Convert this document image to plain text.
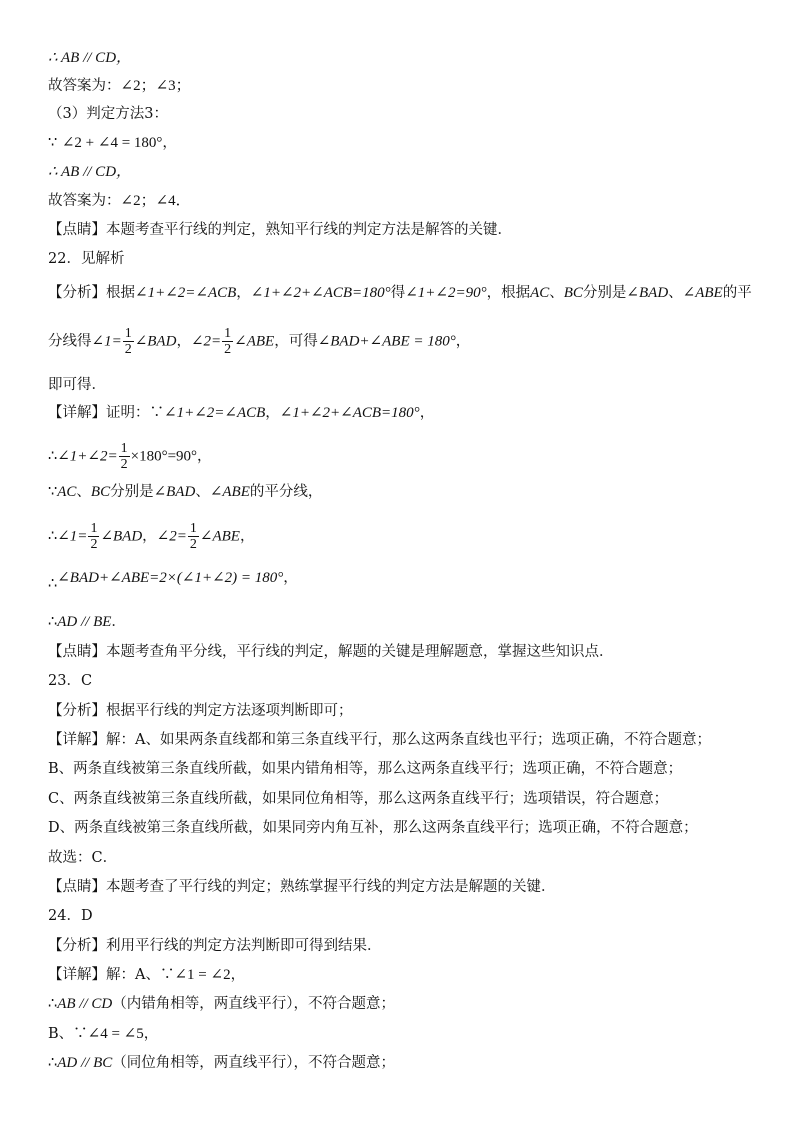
∴ AB // CD，
故答案为：∠2；∠3；
（3）判定方法3：
∵ ∠2 + ∠4 = 180°，
∴ AB // CD，
故答案为：∠2；∠4．
【点睛】本题考查平行线的判定，熟知平行线的判定方法是解答的关键．
22．见解析
【分析】根据∠1+∠2=∠ACB，∠1+∠2+∠ACB=180°得∠1+∠2=90°，根据AC、BC分别是∠BAD、∠ABE的平
分线得∠1= $\frac{1}{2}$ ∠BAD，∠2= $\frac{1}{2}$ ∠ABE，可得∠BAD+∠ABE = 180°，
即可得．
【详解】证明：∵∠1+∠2=∠ACB，∠1+∠2+∠ACB=180°，
∴∠1+∠2= $\frac{1}{2} \times 180^\circ=90^\circ$，
∵AC、BC分别是∠BAD、∠ABE的平分线，
∴∠1= $\frac{1}{2}$ ∠BAD，∠2= $\frac{1}{2}$ ∠ABE，
∴∠BAD+∠ABE=2×(∠1+∠2) = 180°，
∴AD // BE．
【点睛】本题考查角平分线，平行线的判定，解题的关键是理解题意，掌握这些知识点．
23．C
【分析】根据平行线的判定方法逐项判断即可；
【详解】解：A、如果两条直线都和第三条直线平行，那么这两条直线也平行；选项正确，不符合题意；
B、两条直线被第三条直线所截，如果内错角相等，那么这两条直线平行；选项正确，不符合题意；
C、两条直线被第三条直线所截，如果同位角相等，那么这两条直线平行；选项错误，符合题意；
D、两条直线被第三条直线所截，如果同旁内角互补，那么这两条直线平行；选项正确，不符合题意；
故选：C．
【点睛】本题考查了平行线的判定；熟练掌握平行线的判定方法是解题的关键．
24．D
【分析】利用平行线的判定方法判断即可得到结果．
【详解】解：A、∵∠1 = ∠2，
∴AB // CD（内错角相等，两直线平行），不符合题意；
B、∵∠4 = ∠5，
∴AD // BC（同位角相等，两直线平行），不符合题意；
